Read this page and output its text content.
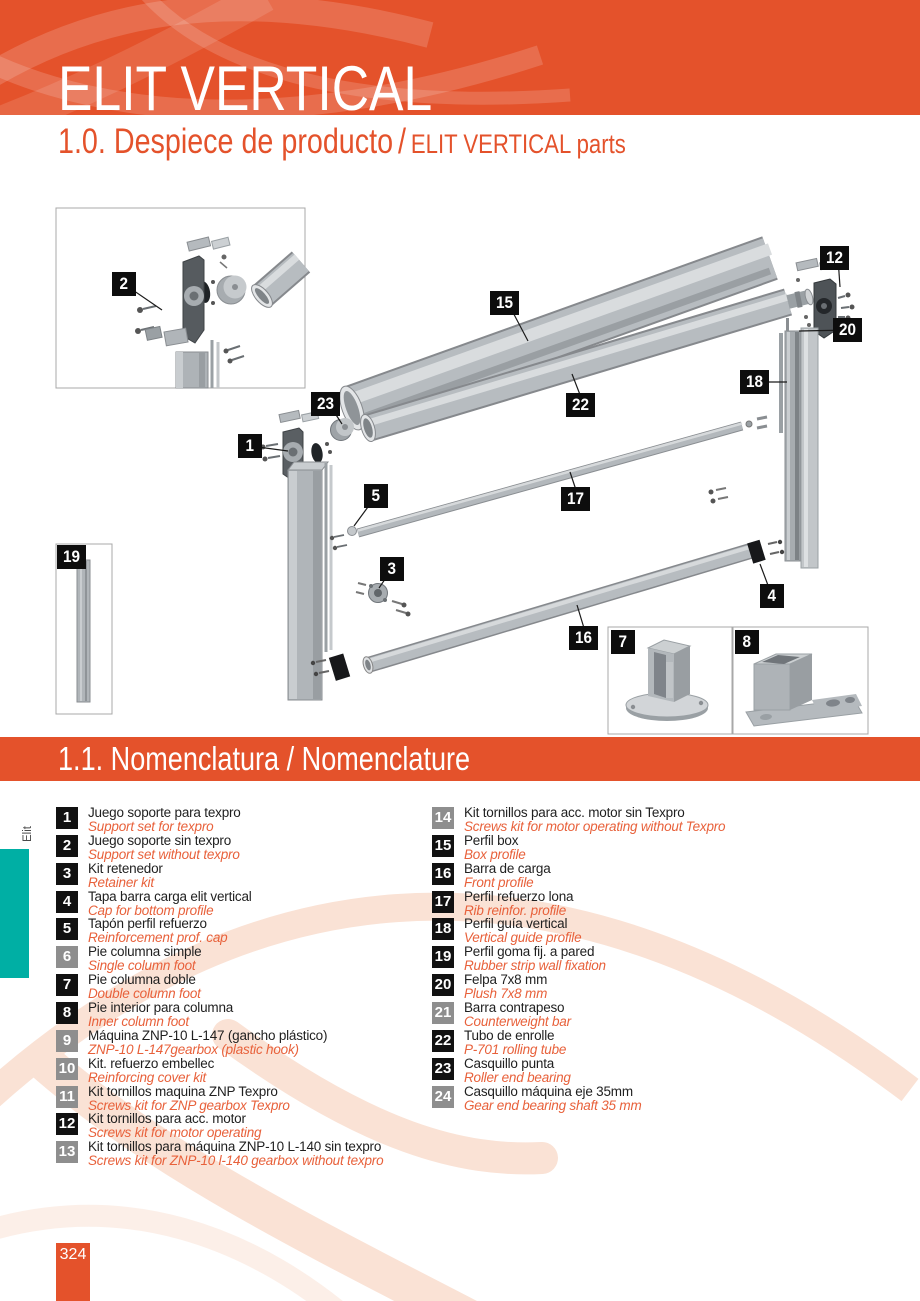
ELIT VERTICAL
1.0. Despiece de producto / ELIT VERTICAL parts
2
23
1
15
22
12
20
18
5	17
3
16
4
7	8
19
1.1. Nomenclatura / Nomenclature
1	Juego soporte para texpro
Support set for texpro
2	Juego soporte sin texpro
Support set without texpro
3	Kit retenedor
Retainer kit
4	Tapa barra carga elit vertical
Cap for bottom profile
5	Tapón perfil refuerzo
Reinforcement prof. cap
6	Pie columna simple
Single column foot
7	Pie columna doble
Double column foot
8	Pie interior para columna
Inner column foot
9	Máquina ZNP-10 L-147 (gancho plástico)
ZNP-10 L-147gearbox (plastic hook)
10 Kit. refuerzo embellec
Reinforcing cover kit
11 Kit tornillos maquina ZNP Texpro
Screws kit for ZNP gearbox Texpro
12 Kit tornillos para acc. motor
Screws kit for motor operating
13 Kit tornillos para máquina ZNP-10 L-140 sin texpro
Screws kit for ZNP-10 l-140 gearbox without texpro
14 Kit tornillos para acc. motor sin Texpro
Screws kit for motor operating without Texpro
15 Perfil box
Box profile
16 Barra de carga
Front profile
17 Perfil refuerzo lona
Rib reinfor. profile
18 Perfil guía vertical
Vertical guide profile
19 Perfil goma fij. a pared
Rubber strip wall fixation
20 Felpa 7x8 mm
Plush 7x8 mm
21 Barra contrapeso
Counterweight bar
22 Tubo de enrolle
P-701 rolling tube
23 Casquillo punta
Roller end bearing
24 Casquillo máquina eje 35mm
Gear end bearing shaft 35 mm
Elit
324
